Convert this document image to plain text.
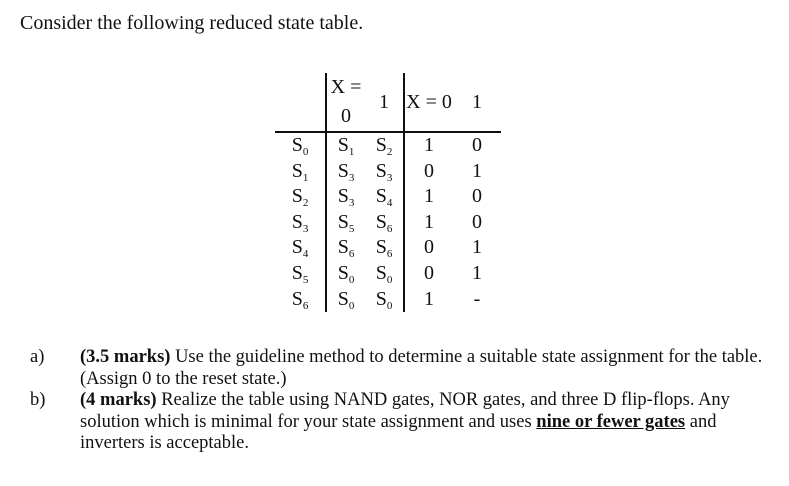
Consider the following reduced state table.
	X = 0	1	X = 0	1
$S_0$	$S_1$	$S_2$	1	0
$S_1$	$S_3$	$S_3$	0	1
$S_2$	$S_3$	$S_4$	1	0
$S_3$	$S_5$	$S_6$	1	0
$S_4$	$S_6$	$S_6$	0	1
$S_5$	$S_0$	$S_0$	0	1
$S_6$	$S_0$	$S_0$	1	-
a)	(3.5 marks) Use the guideline method to determine a suitable state assignment for the table. (Assign 0 to the reset state.)
b)	(4 marks) Realize the table using NAND gates, NOR gates, and three D flip-flops. Any solution which is minimal for your state assignment and uses nine or fewer gates and inverters is acceptable.
